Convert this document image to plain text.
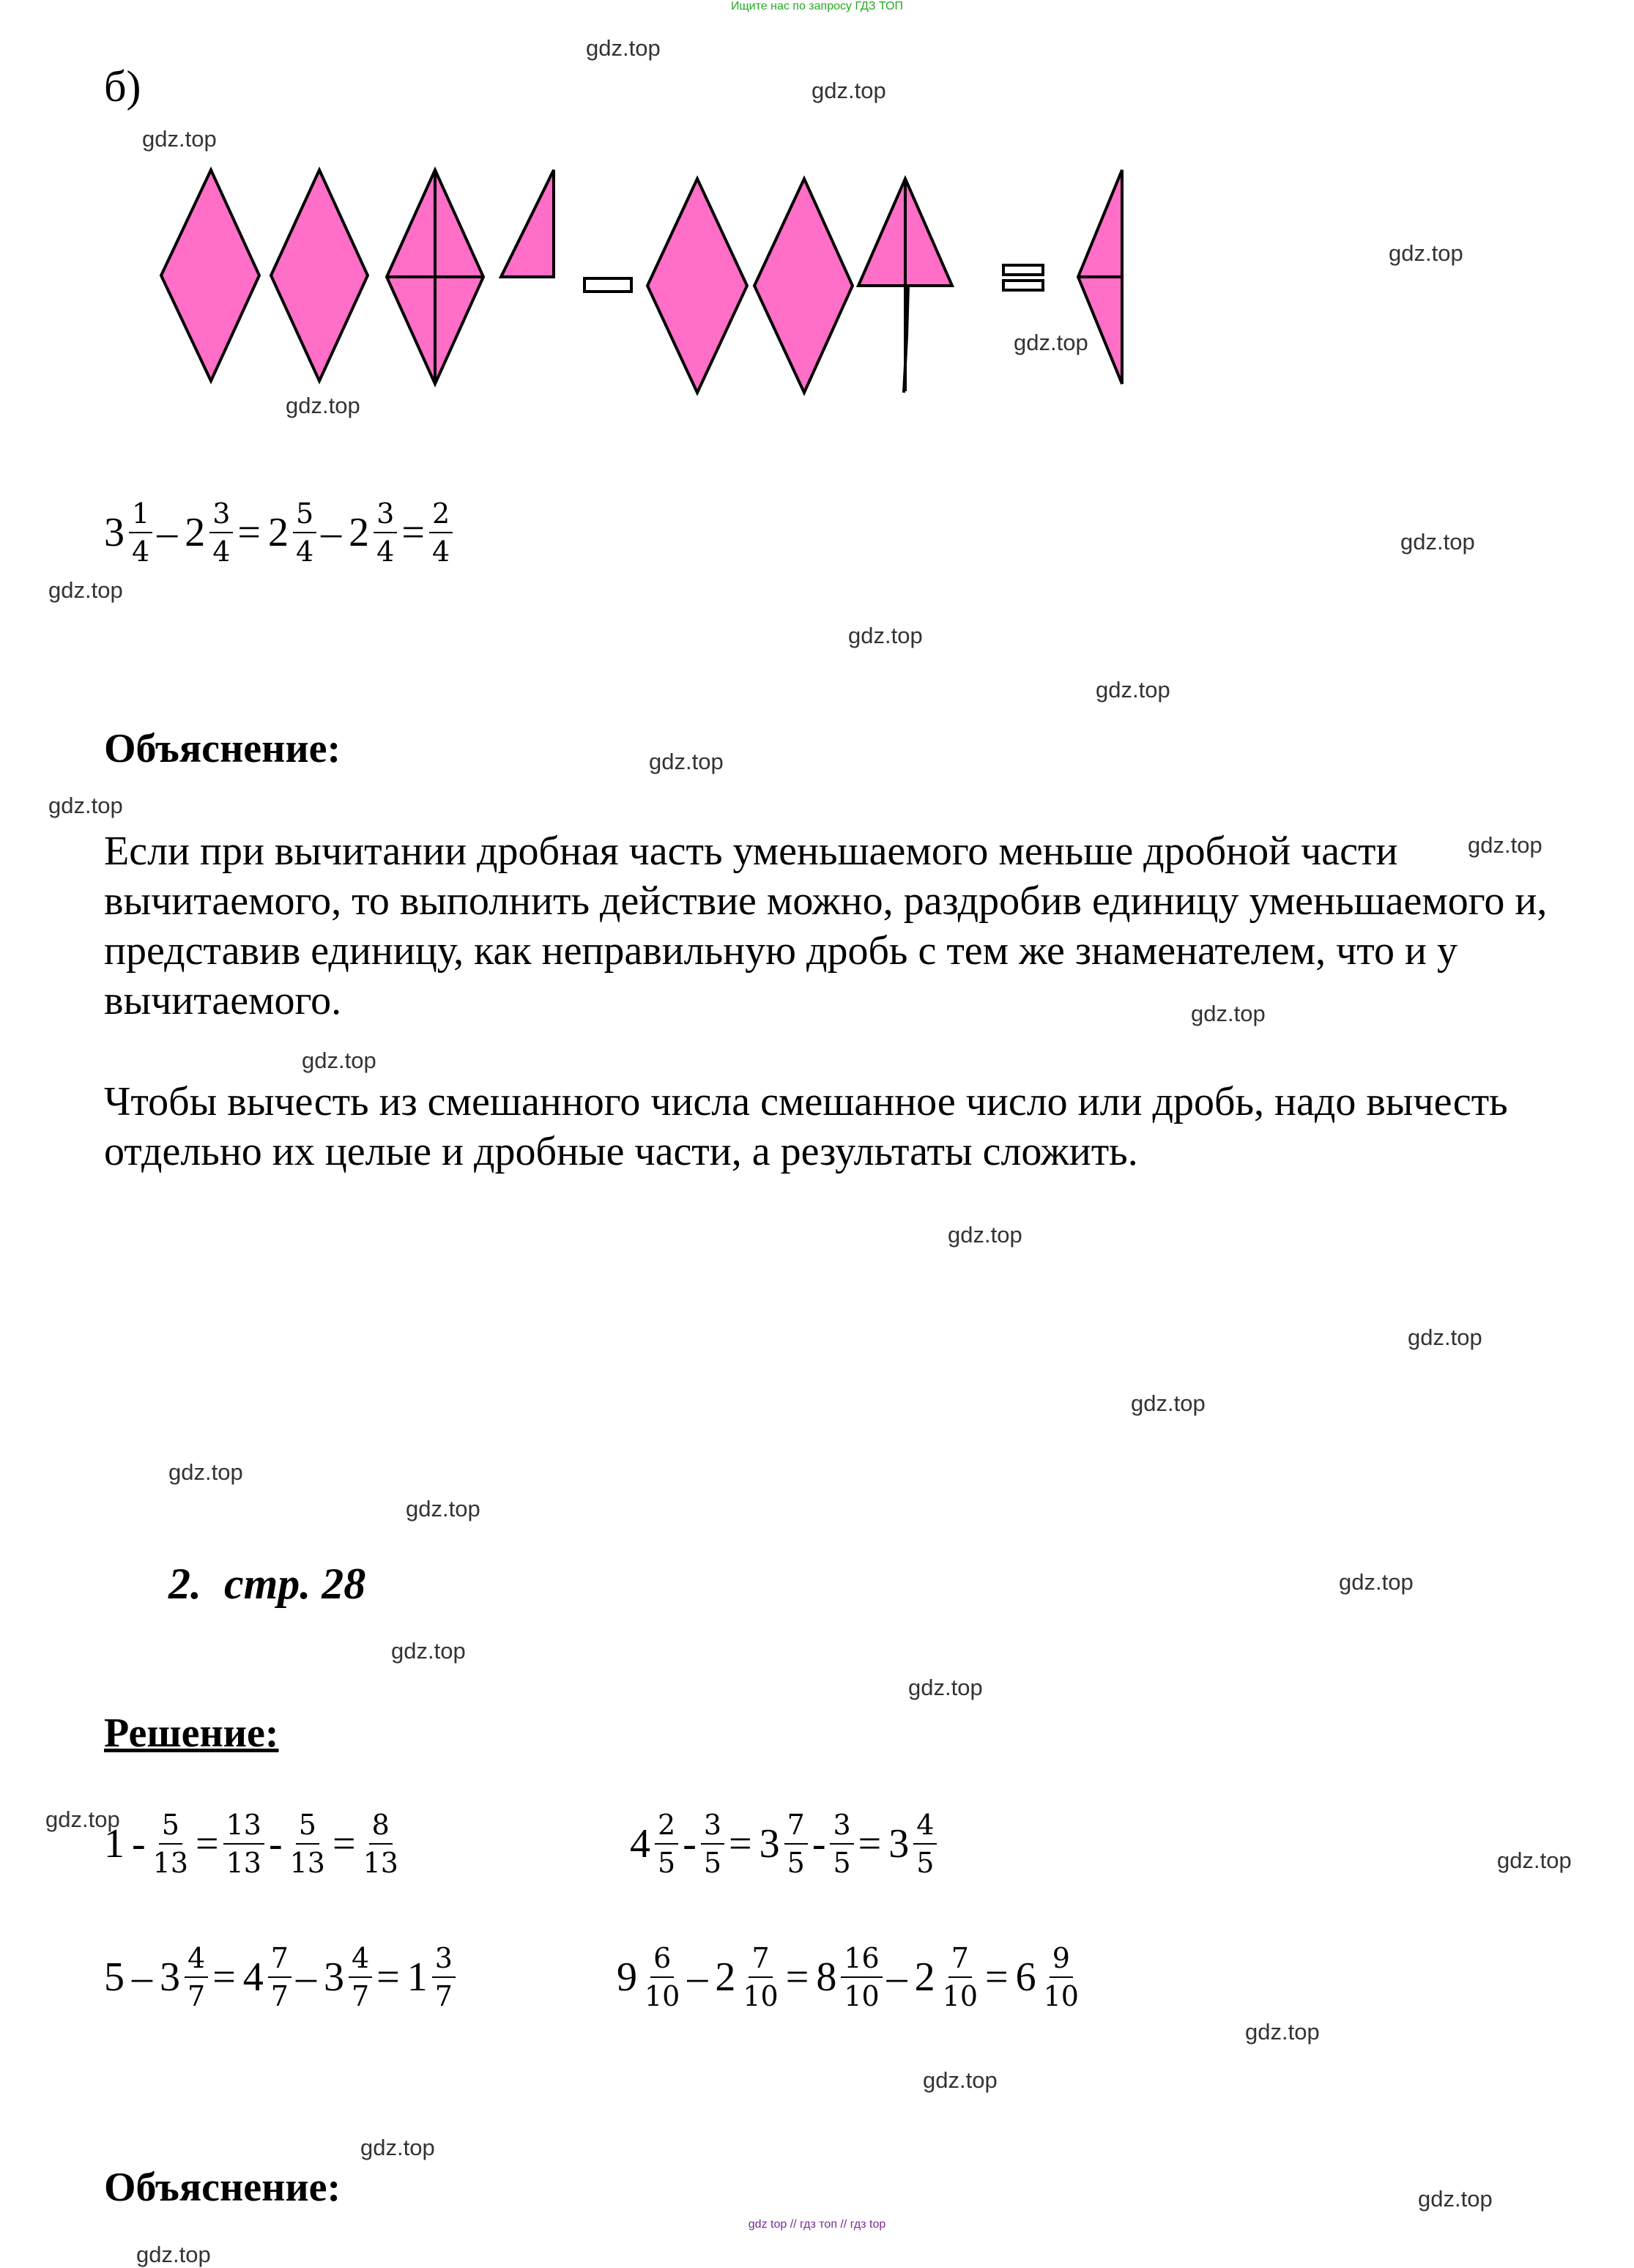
Ищите нас по запросу ГДЗ ТОП
gdz.top
gdz.top
gdz.top
gdz.top
gdz.top
gdz.top
gdz.top
gdz.top
gdz.top
gdz.top
gdz.top
gdz.top
gdz.top
gdz.top
gdz.top
gdz.top
gdz.top
gdz.top
gdz.top
gdz.top
gdz.top
gdz.top
gdz.top
gdz.top
gdz.top
gdz.top
gdz.top
gdz.top
gdz.top
gdz.top
б)
$3 \frac{1}{4} - 2 \frac{3}{4} = 2 \frac{5}{4} - 2 \frac{3}{4} = \frac{2}{4}$
Объяснение:
Если при вычитании дробная часть уменьшаемого меньше дробной части вычитаемого, то выполнить действие можно, раздробив единицу уменьшаемого и, представив единицу, как неправильную дробь с тем же знаменателем, что и у вычитаемого.
Чтобы вычесть из смешанного числа смешанное число или дробь, надо вычесть отдельно их целые и дробные части, а результаты сложить.
2. стр. 28
Решение:
$1 - \frac{5}{13} = \frac{13}{13} - \frac{5}{13} = \frac{8}{13}$	$4 \frac{2}{5} - \frac{3}{5} = 3 \frac{7}{5} - \frac{3}{5} = 3 \frac{4}{5}$
$5 - 3 \frac{4}{7} = 4 \frac{7}{7} - 3 \frac{4}{7} = 1 \frac{3}{7}$	$9 \frac{6}{10} - 2 \frac{7}{10} = 8 \frac{16}{10} - 2 \frac{7}{10} = 6 \frac{9}{10}$
Объяснение:
gdz top // гдз топ // гдз top
